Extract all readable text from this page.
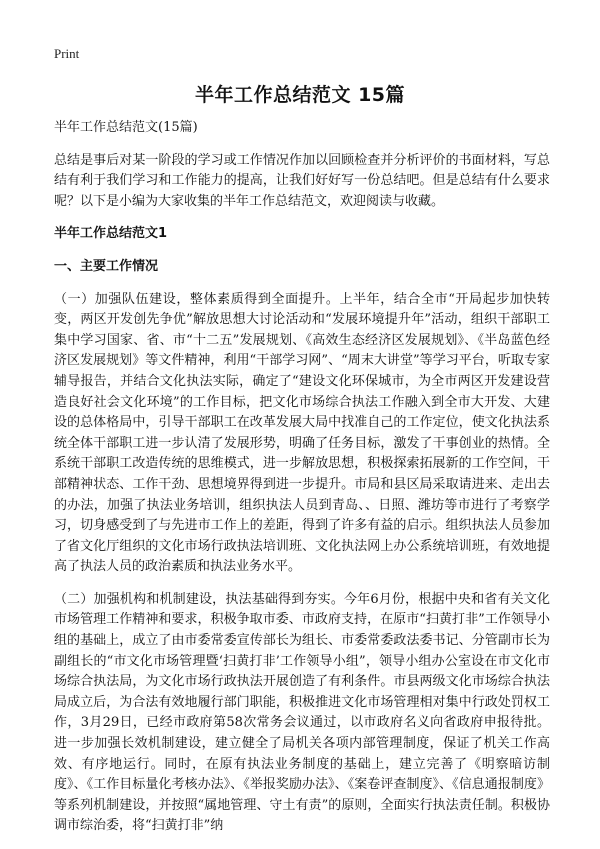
Print
半年工作总结范文 15篇

半年工作总结范文(15篇)

总结是事后对某一阶段的学习或工作情况作加以回顾检查并分析评价的书面材料，写总结有利于我们学习和工作能力的提高，让我们好好写一份总结吧。但是总结有什么要求呢？以下是小编为大家收集的半年工作总结范文，欢迎阅读与收藏。

半年工作总结范文1

一、主要工作情况

（一）加强队伍建设，整体素质得到全面提升。上半年，结合全市“开局起步加快转变，两区开发创先争优”解放思想大讨论活动和“发展环境提升年”活动，组织干部职工集中学习国家、省、市“十二五”发展规划、《高效生态经济区发展规划》、《半岛蓝色经济区发展规划》等文件精神，利用“干部学习网”、“周末大讲堂”等学习平台，听取专家辅导报告，并结合文化执法实际，确定了“建设文化环保城市，为全市两区开发建设营造良好社会文化环境”的工作目标，把文化市场综合执法工作融入到全市大开发、大建设的总体格局中，引导干部职工在改革发展大局中找准自己的工作定位，使文化执法系统全体干部职工进一步认清了发展形势，明确了任务目标，激发了干事创业的热情。全系统干部职工改造传统的思维模式，进一步解放思想，积极探索拓展新的工作空间，干部精神状态、工作干劲、思想境界得到进一步提升。市局和县区局采取请进来、走出去的办法，加强了执法业务培训，组织执法人员到青岛、、日照、潍坊等市进行了考察学习，切身感受到了与先进市工作上的差距，得到了许多有益的启示。组织执法人员参加了省文化厅组织的文化市场行政执法培训班、文化执法网上办公系统培训班，有效地提高了执法人员的政治素质和执法业务水平。

（二）加强机构和机制建设，执法基础得到夯实。今年6月份，根据中央和省有关文化市场管理工作精神和要求，积极争取市委、市政府支持，在原市“扫黄打非”工作领导小组的基础上，成立了由市委常委宣传部长为组长、市委常委政法委书记、分管副市长为副组长的“市文化市场管理暨‘扫黄打非’工作领导小组”，领导小组办公室设在市文化市场综合执法局，为文化市场行政执法开展创造了有利条件。市县两级文化市场综合执法局成立后，为合法有效地履行部门职能，积极推进文化市场管理相对集中行政处罚权工作，3月29日，已经市政府第58次常务会议通过，以市政府名义向省政府申报待批。进一步加强长效机制建设，建立健全了局机关各项内部管理制度，保证了机关工作高效、有序地运行。同时，在原有执法业务制度的基础上，建立完善了《明察暗访制度》、《工作目标量化考核办法》、《举报奖励办法》、《案卷评查制度》、《信息通报制度》等系列机制建设，并按照“属地管理、守土有责”的原则，全面实行执法责任制。积极协调市综治委，将“扫黄打非”纳
